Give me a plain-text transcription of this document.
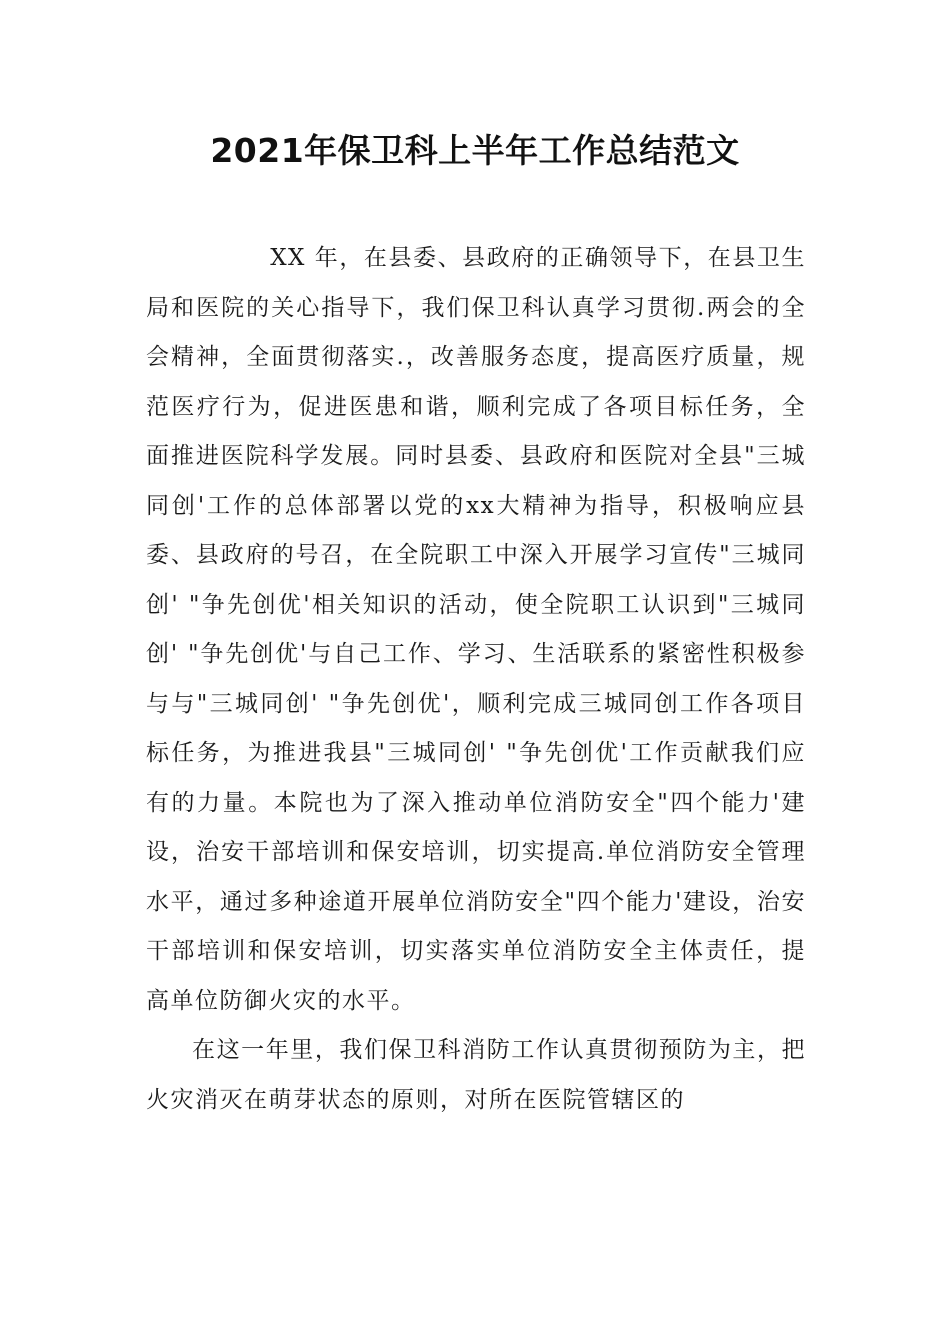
2021年保卫科上半年工作总结范文

XX 年，在县委、县政府的正确领导下，在县卫生局和医院的关心指导下，我们保卫科认真学习贯彻.两会的全会精神，全面贯彻落实.，改善服务态度，提高医疗质量，规范医疗行为，促进医患和谐，顺利完成了各项目标任务，全面推进医院科学发展。同时县委、县政府和医院对全县"三城同创'工作的总体部署以党的xx大精神为指导，积极响应县委、县政府的号召，在全院职工中深入开展学习宣传"三城同创' "争先创优'相关知识的活动，使全院职工认识到"三城同创' "争先创优'与自己工作、学习、生活联系的紧密性积极参与与"三城同创' "争先创优'，顺利完成三城同创工作各项目标任务，为推进我县"三城同创' "争先创优'工作贡献我们应有的力量。本院也为了深入推动单位消防安全"四个能力'建设，治安干部培训和保安培训，切实提高.单位消防安全管理水平，通过多种途道开展单位消防安全"四个能力'建设，治安干部培训和保安培训，切实落实单位消防安全主体责任，提高单位防御火灾的水平。

在这一年里，我们保卫科消防工作认真贯彻预防为主，把火灾消灭在萌芽状态的原则，对所在医院管辖区的
